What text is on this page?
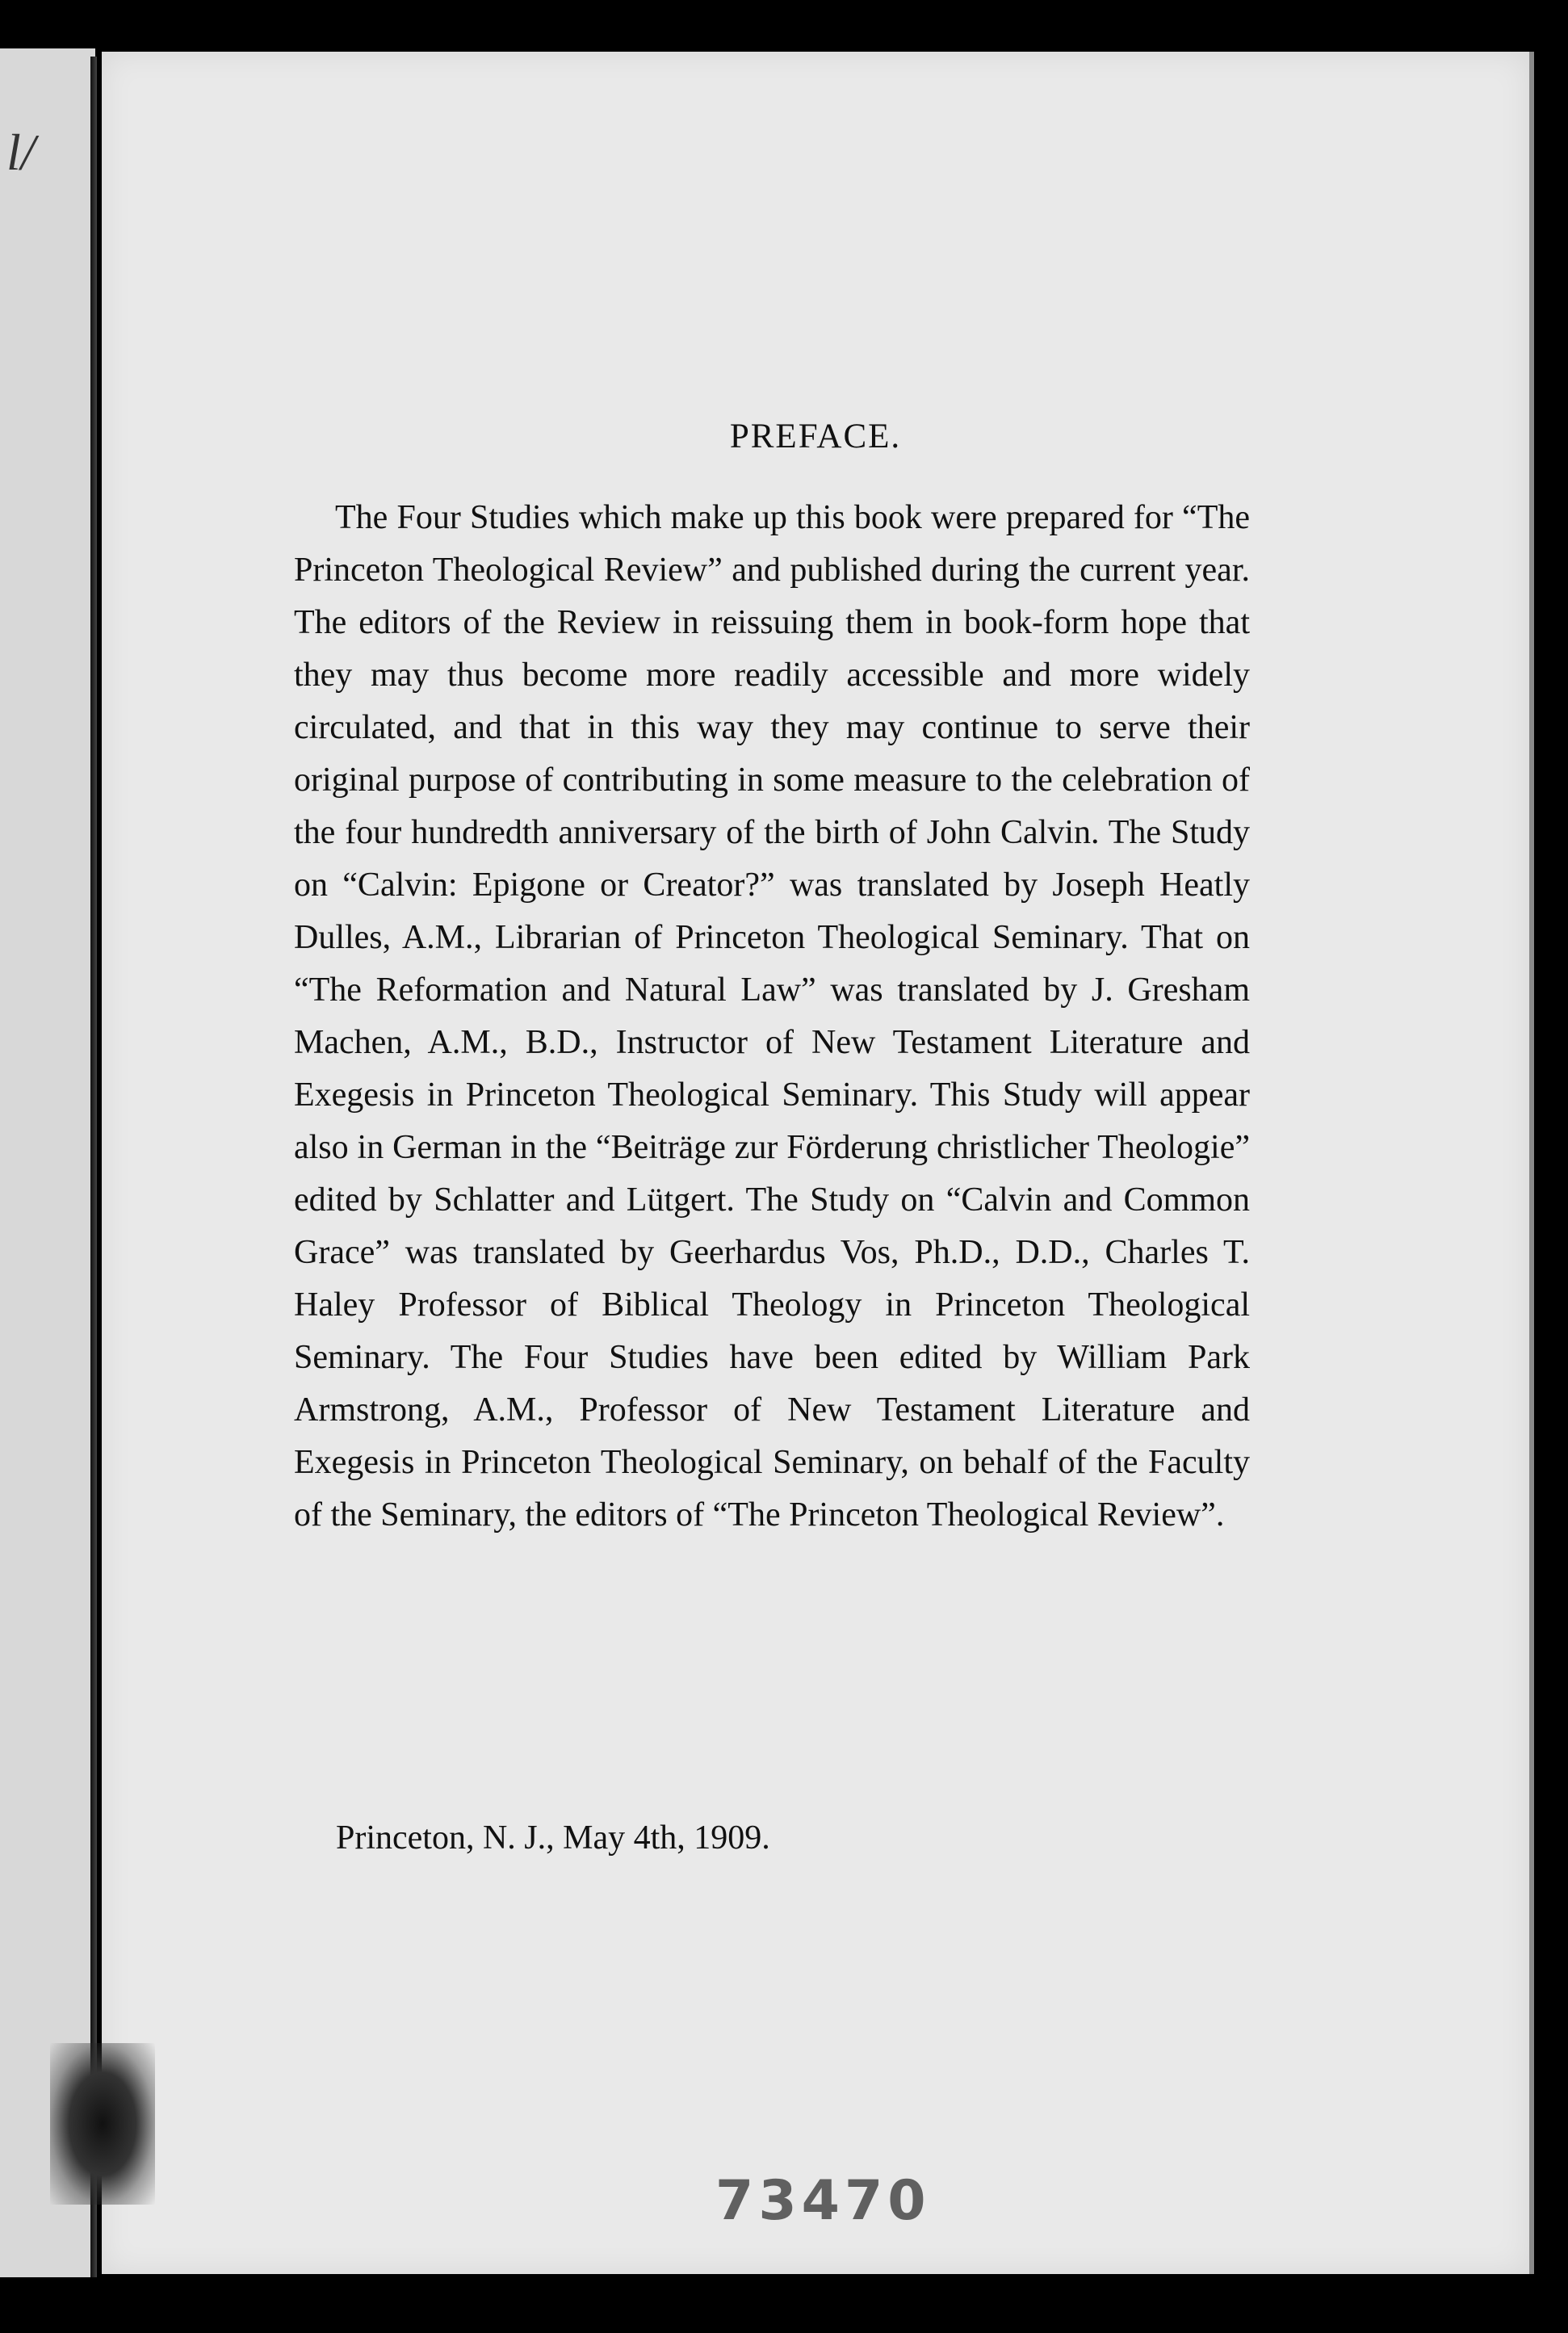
l/
PREFACE.

The Four Studies which make up this book were prepared for “The Princeton Theological Review” and published during the current year. The editors of the Review in reissuing them in book-form hope that they may thus become more readily accessible and more widely circulated, and that in this way they may continue to serve their original purpose of contributing in some measure to the celebration of the four hundredth anniversary of the birth of John Calvin. The Study on “Calvin: Epigone or Creator?” was translated by Joseph Heatly Dulles, A.M., Librarian of Princeton Theological Seminary. That on “The Reformation and Natural Law” was translated by J. Gresham Machen, A.M., B.D., Instructor of New Testament Literature and Exegesis in Princeton Theological Seminary. This Study will appear also in German in the “Beiträge zur Förderung christlicher Theologie” edited by Schlatter and Lütgert. The Study on “Calvin and Common Grace” was translated by Geerhardus Vos, Ph.D., D.D., Charles T. Haley Professor of Biblical Theology in Princeton Theological Seminary. The Four Studies have been edited by William Park Armstrong, A.M., Professor of New Testament Literature and Exegesis in Princeton Theological Seminary, on behalf of the Faculty of the Seminary, the editors of “The Princeton Theological Review”.

Princeton, N. J., May 4th, 1909.

73470
